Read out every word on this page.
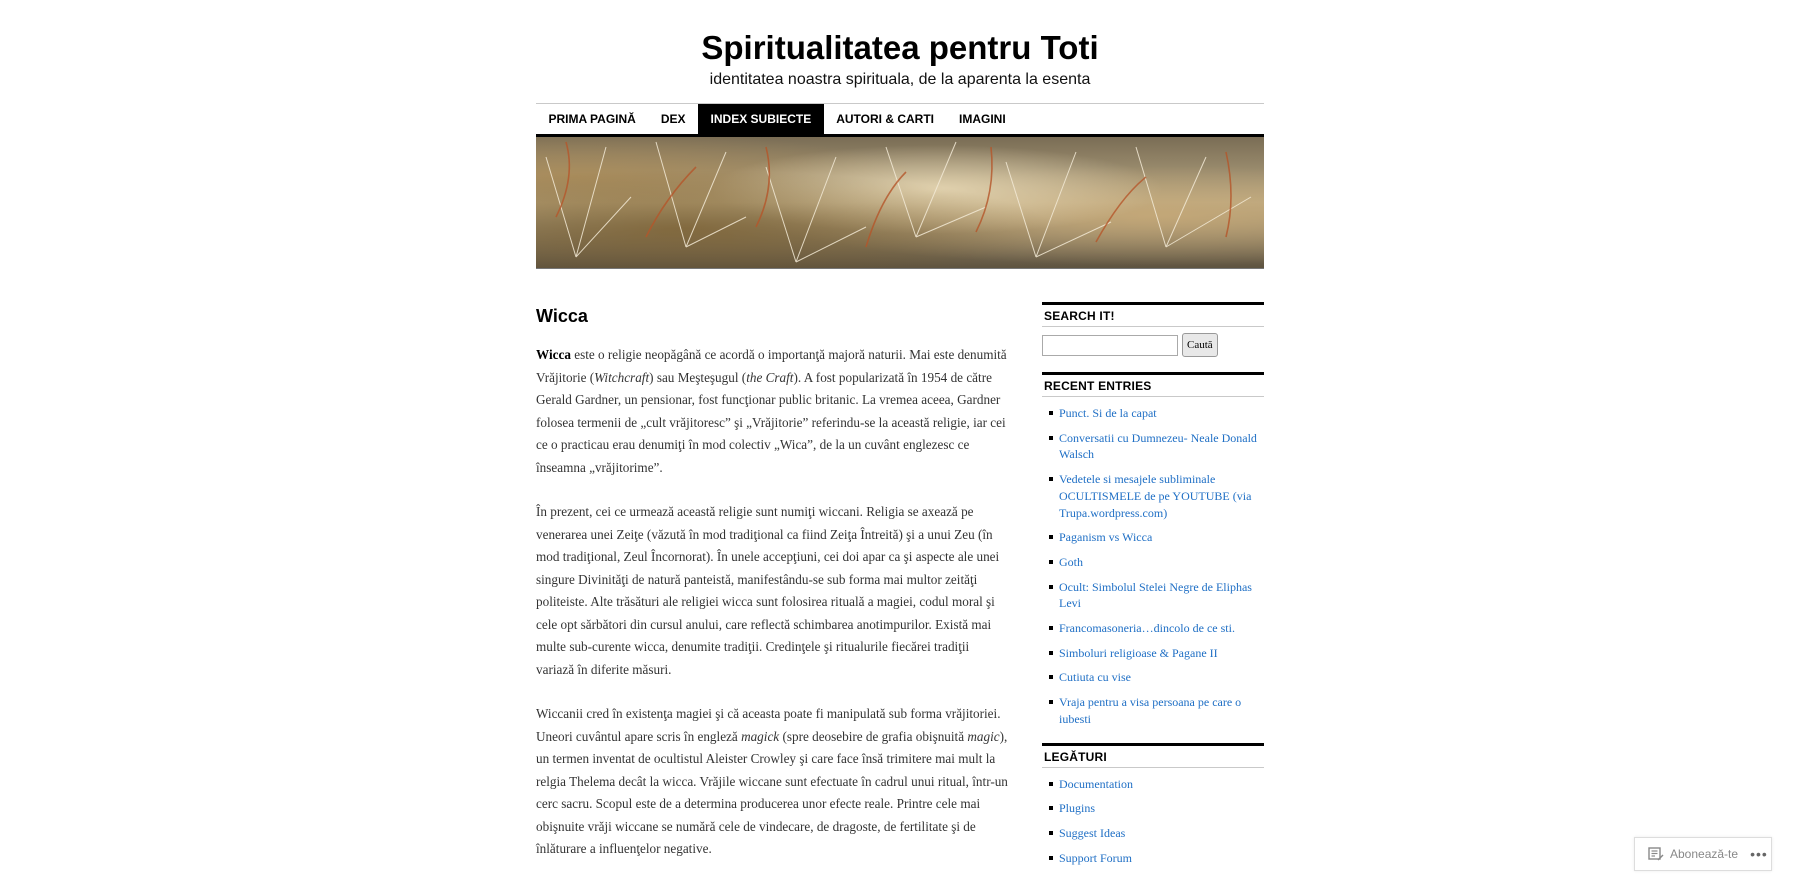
Spiritualitatea pentru Toti
identitatea noastra spirituala, de la aparenta la esenta
PRIMA PAGINĂ	DEX	INDEX SUBIECTE	AUTORI & CARTI	IMAGINI
Wicca

Wicca este o religie neopăgână ce acordă o importanţă majoră naturii. Mai este denumită Vrăjitorie (Witchcraft) sau Meşteşugul (the Craft). A fost popularizată în 1954 de către Gerald Gardner, un pensionar, fost funcţionar public britanic. La vremea aceea, Gardner folosea termenii de „cult vrăjitoresc” şi „Vrăjitorie” referindu-se la această religie, iar cei ce o practicau erau denumiţi în mod colectiv „Wica”, de la un cuvânt englezesc ce înseamna „vrăjitorime”.

În prezent, cei ce urmează această religie sunt numiţi wiccani. Religia se axează pe venerarea unei Zeiţe (văzută în mod tradiţional ca fiind Zeiţa Întreită) şi a unui Zeu (în mod tradiţional, Zeul Încornorat). În unele accepţiuni, cei doi apar ca şi aspecte ale unei singure Divinităţi de natură panteistă, manifestându-se sub forma mai multor zeităţi politeiste. Alte trăsături ale religiei wicca sunt folosirea rituală a magiei, codul moral şi cele opt sărbători din cursul anului, care reflectă schimbarea anotimpurilor. Există mai multe sub-curente wicca, denumite tradiţii. Credinţele şi ritualurile fiecărei tradiţii variază în diferite măsuri.

Wiccanii cred în existenţa magiei şi că aceasta poate fi manipulată sub forma vrăjitoriei. Uneori cuvântul apare scris în engleză magick (spre deosebire de grafia obişnuită magic), un termen inventat de ocultistul Aleister Crowley şi care face însă trimitere mai mult la relgia Thelema decât la wicca. Vrăjile wiccane sunt efectuate în cadrul unui ritual, într-un cerc sacru. Scopul este de a determina producerea unor efecte reale. Printre cele mai obişnuite vrăji wiccane se numără cele de vindecare, de dragoste, de fertilitate şi de înlăturare a influenţelor negative.

SEARCH IT!
Caută
RECENT ENTRIES
Punct. Si de la capat
Conversatii cu Dumnezeu- Neale Donald Walsch
Vedetele si mesajele subliminale OCULTISMELE de pe YOUTUBE (via Trupa.wordpress.com)
Paganism vs Wicca
Goth
Ocult: Simbolul Stelei Negre de Eliphas Levi
Francomasoneria…dincolo de ce sti.
Simboluri religioase & Pagane II
Cutiuta cu vise
Vraja pentru a visa persoana pe care o iubesti
LEGĂTURI
Documentation
Plugins
Suggest Ideas
Support Forum	Abonează-te •••
